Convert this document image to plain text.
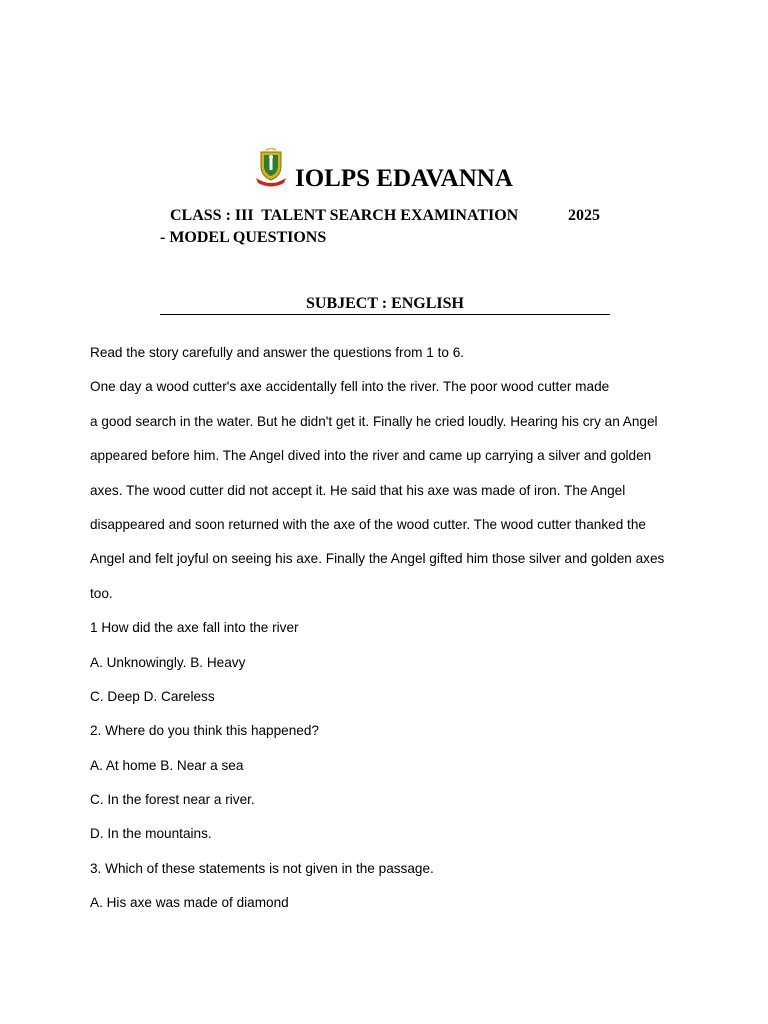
IOLPS EDAVANNA
CLASS : III  TALENT SEARCH EXAMINATION	2025
- MODEL QUESTIONS
SUBJECT : ENGLISH
Read the story carefully and answer the questions from 1 to 6.
One day a wood cutter's axe accidentally fell into the river. The poor wood cutter made
a good search in the water. But he didn't get it. Finally he cried loudly. Hearing his cry an Angel
appeared before him. The Angel dived into the river and came up carrying a silver and golden
axes. The wood cutter did not accept it. He said that his axe was made of iron. The Angel
disappeared and soon returned with the axe of the wood cutter. The wood cutter thanked the
Angel and felt joyful on seeing his axe. Finally the Angel gifted him those silver and golden axes
too.
1 How did the axe fall into the river
A. Unknowingly. B. Heavy
C. Deep D. Careless
2. Where do you think this happened?
A. At home B. Near a sea
C. In the forest near a river.
D. In the mountains.
3. Which of these statements is not given in the passage.
A. His axe was made of diamond
